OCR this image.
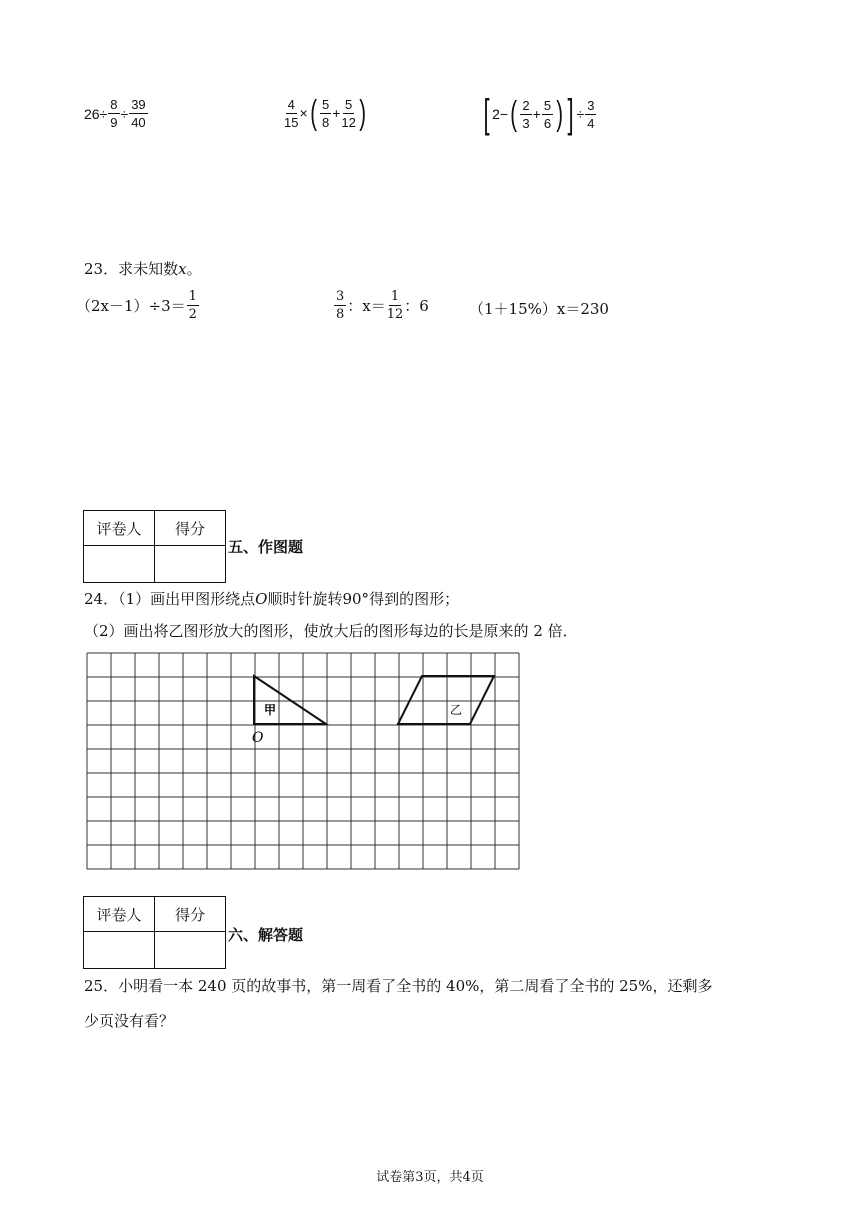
$26\div \frac{8}{9} \div \frac{39}{40}$	$\frac{4}{15}$ × ( $\frac{5}{8} + \frac{5}{12}$ )	[ 2− ( $\frac{2}{3} + \frac{5}{6}$ ) ] ÷ $\frac{3}{4}$
23．求未知数x。
$(2x-1)\div 3= \frac{1}{2}$	$\frac{3}{8}$ ：$x= \frac{1}{12}$ ：6	（1＋15%）x＝230
评卷人	得分

五、作图题
24．（1）画出甲图形绕点O顺时针旋转90°得到的图形；
（2）画出将乙图形放大的图形，使放大后的图形每边的长是原来的 2 倍．
甲	乙
O
评卷人	得分

六、解答题
25．小明看一本 240 页的故事书，第一周看了全书的 40%，第二周看了全书的 25%，还剩多
少页没有看？
试卷第3页，共4页
